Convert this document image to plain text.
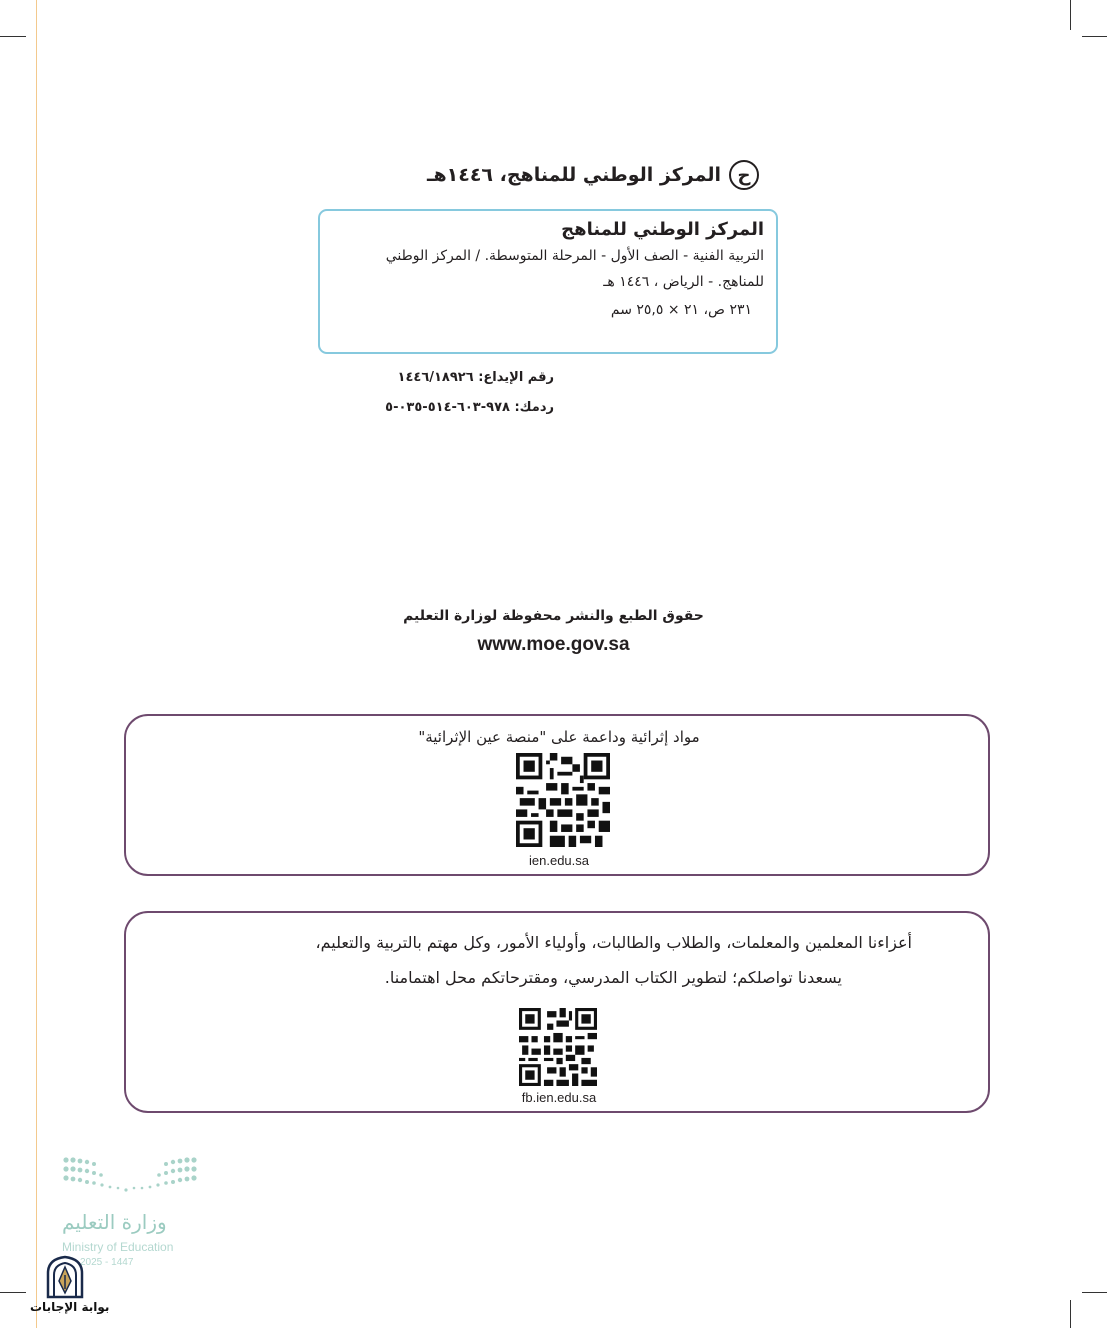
ح
المركز الوطني للمناهج، ١٤٤٦هـ
المركز الوطني للمناهج
التربية الفنية - الصف الأول - المرحلة المتوسطة. / المركز الوطني
للمناهج. - الرياض ، ١٤٤٦ هـ
٢٣١ ص، ٢١ × ٢٥,٥ سم
رقم الإيداع: ١٤٤٦/١٨٩٢٦
ردمك: ٩٧٨-٦٠٣-٥١٤-٠٣٥-٥
حقوق الطبع والنشر محفوظة لوزارة التعليم
www.moe.gov.sa
مواد إثرائية وداعمة على "منصة عين الإثرائية"
ien.edu.sa
أعزاءنا المعلمين والمعلمات، والطلاب والطالبات، وأولياء الأمور، وكل مهتم بالتربية والتعليم،
يسعدنا تواصلكم؛ لتطوير الكتاب المدرسي، ومقترحاتكم محل اهتمامنا.
fb.ien.edu.sa
وزارة التعليم
Ministry of Education
2025 - 1447
بوابة الإجابات
